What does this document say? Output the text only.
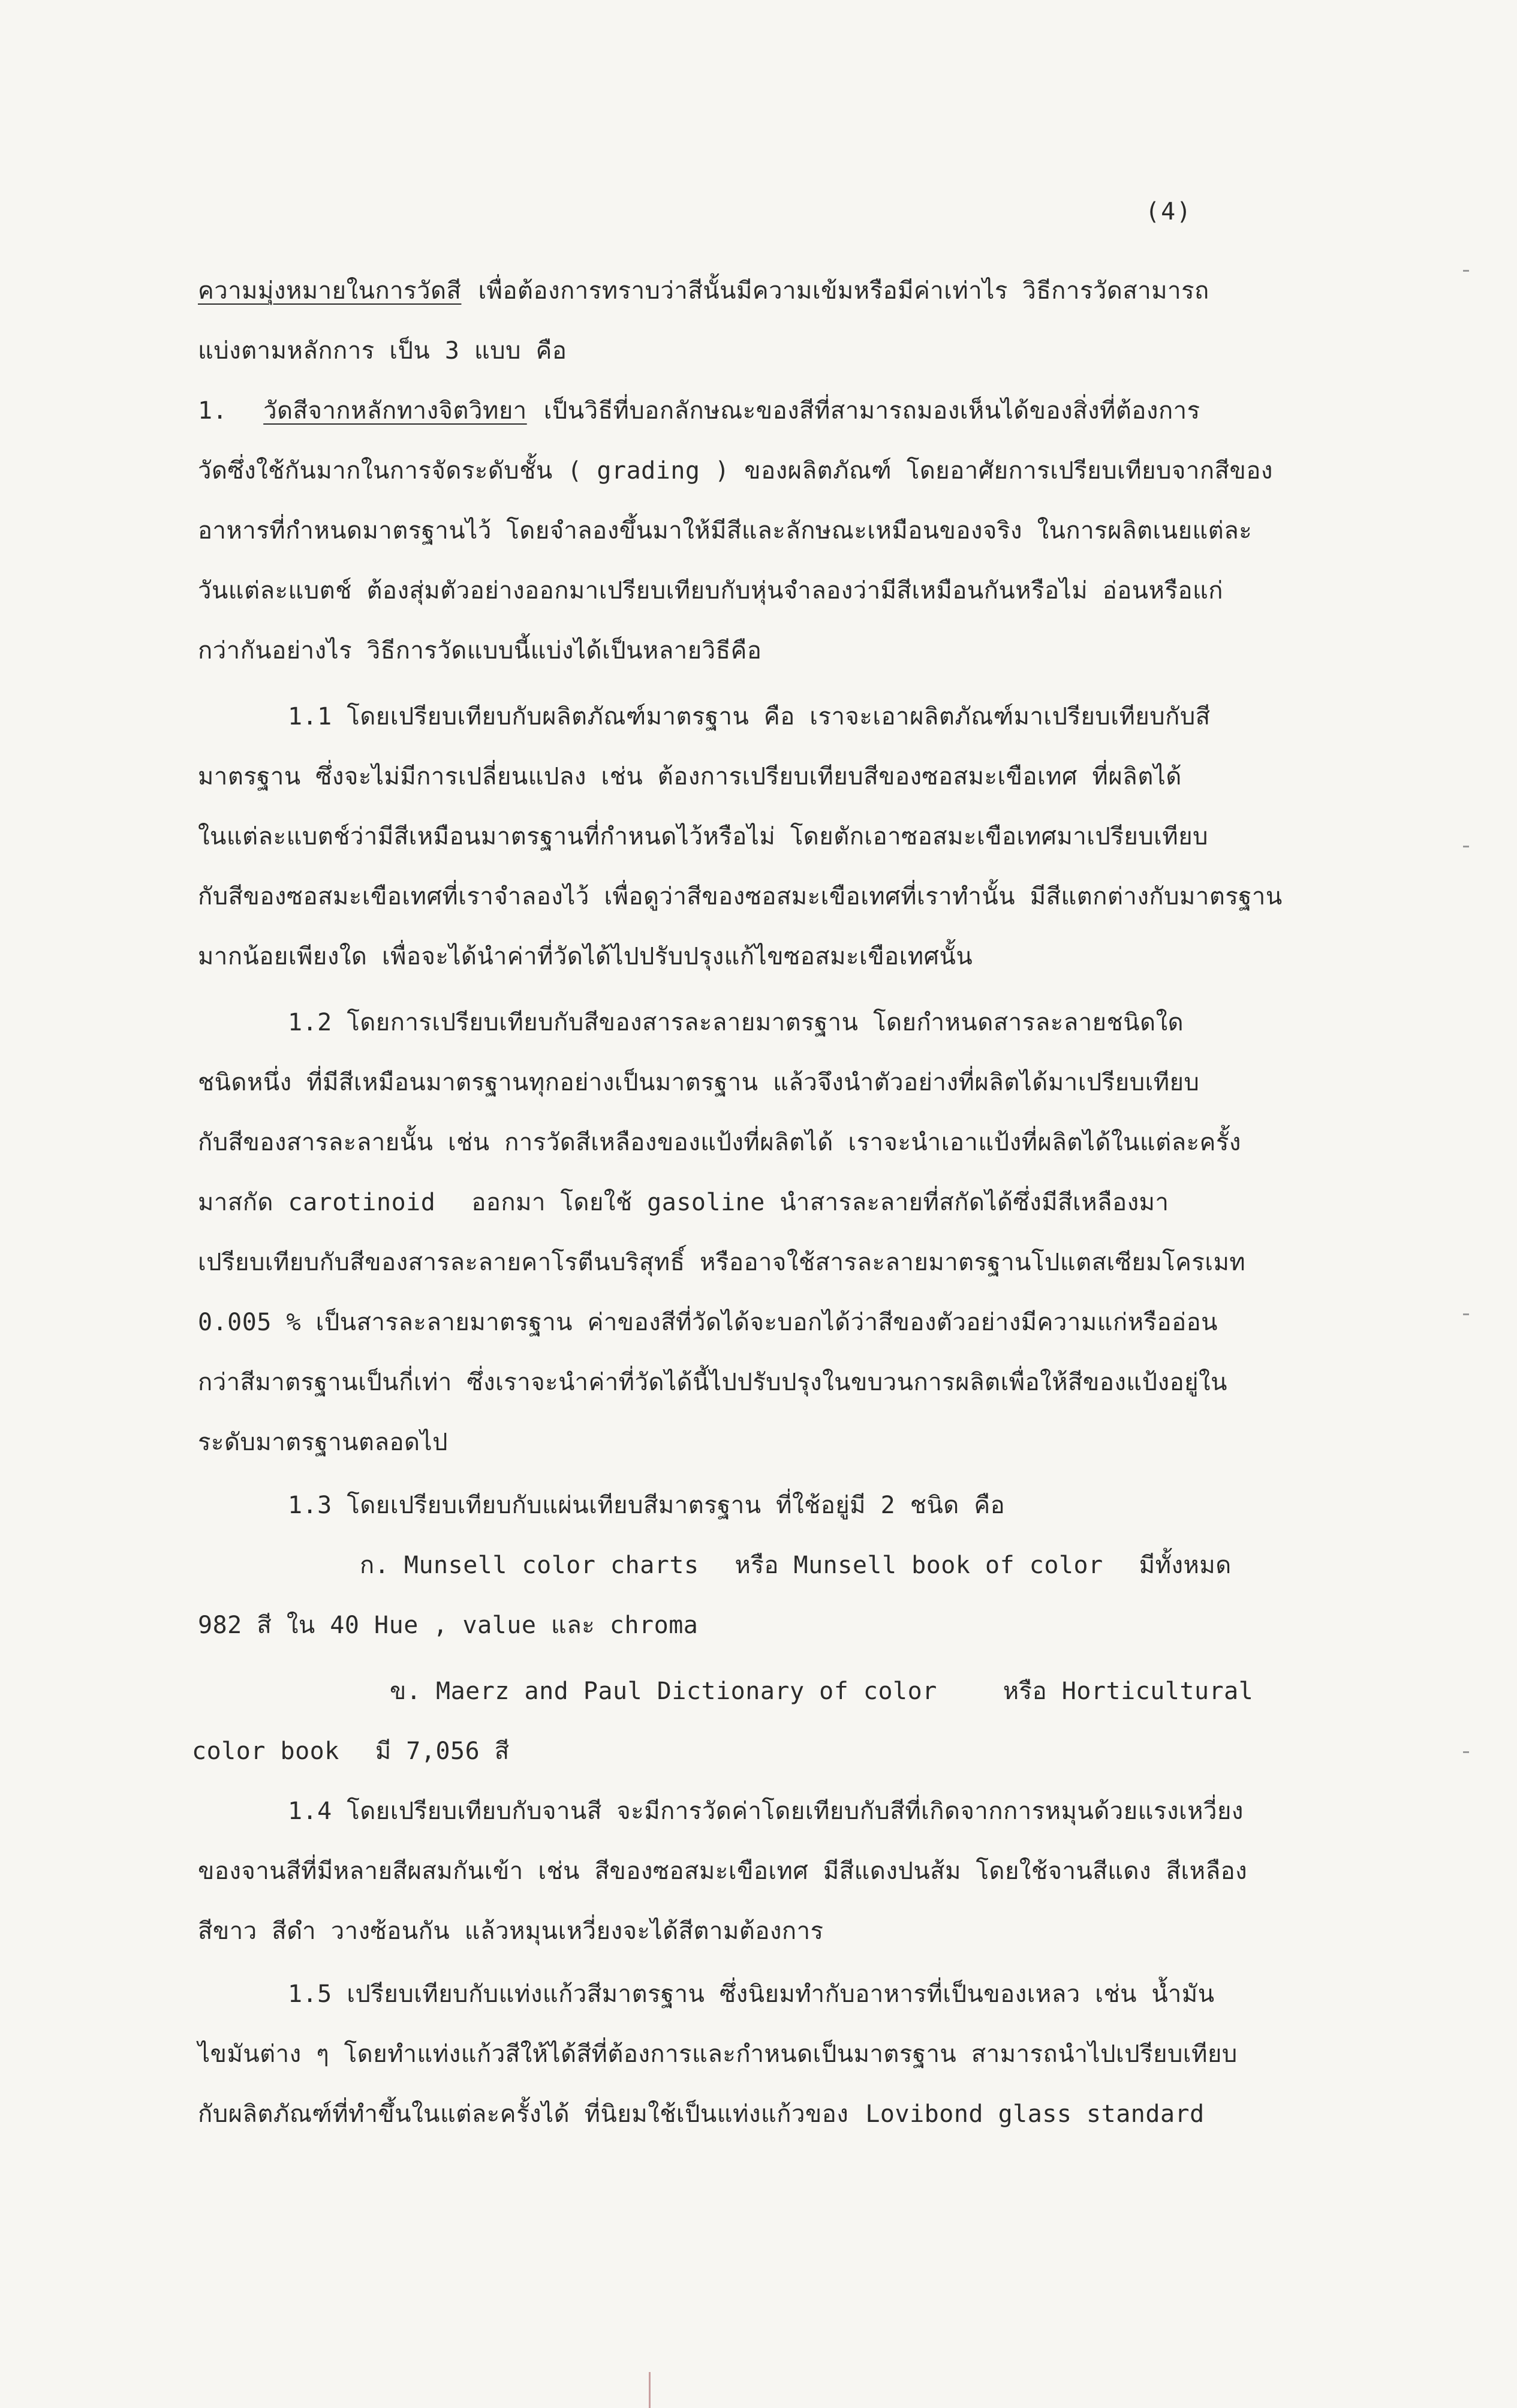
(4)
ความมุ่งหมายในการวัดสี เพื่อต้องการทราบว่าสีนั้นมีความเข้มหรือมีค่าเท่าไร วิธีการวัดสามารถ
แบ่งตามหลักการ เป็น 3 แบบ คือ
1. วัดสีจากหลักทางจิตวิทยา เป็นวิธีที่บอกลักษณะของสีที่สามารถมองเห็นได้ของสิ่งที่ต้องการ
วัดซึ่งใช้กันมากในการจัดระดับชั้น ( grading ) ของผลิตภัณฑ์ โดยอาศัยการเปรียบเทียบจากสีของ
อาหารที่กำหนดมาตรฐานไว้ โดยจำลองขึ้นมาให้มีสีและลักษณะเหมือนของจริง ในการผลิตเนยแต่ละ
วันแต่ละแบตช์ ต้องสุ่มตัวอย่างออกมาเปรียบเทียบกับหุ่นจำลองว่ามีสีเหมือนกันหรือไม่ อ่อนหรือแก่
กว่ากันอย่างไร วิธีการวัดแบบนี้แบ่งได้เป็นหลายวิธีคือ
1.1 โดยเปรียบเทียบกับผลิตภัณฑ์มาตรฐาน คือ เราจะเอาผลิตภัณฑ์มาเปรียบเทียบกับสี
มาตรฐาน ซึ่งจะไม่มีการเปลี่ยนแปลง เช่น ต้องการเปรียบเทียบสีของซอสมะเขือเทศ ที่ผลิตได้
ในแต่ละแบตช์ว่ามีสีเหมือนมาตรฐานที่กำหนดไว้หรือไม่ โดยตักเอาซอสมะเขือเทศมาเปรียบเทียบ
กับสีของซอสมะเขือเทศที่เราจำลองไว้ เพื่อดูว่าสีของซอสมะเขือเทศที่เราทำนั้น มีสีแตกต่างกับมาตรฐาน
มากน้อยเพียงใด เพื่อจะได้นำค่าที่วัดได้ไปปรับปรุงแก้ไขซอสมะเขือเทศนั้น
1.2 โดยการเปรียบเทียบกับสีของสารละลายมาตรฐาน โดยกำหนดสารละลายชนิดใด
ชนิดหนึ่ง ที่มีสีเหมือนมาตรฐานทุกอย่างเป็นมาตรฐาน แล้วจึงนำตัวอย่างที่ผลิตได้มาเปรียบเทียบ
กับสีของสารละลายนั้น เช่น การวัดสีเหลืองของแป้งที่ผลิตได้ เราจะนำเอาแป้งที่ผลิตได้ในแต่ละครั้ง
มาสกัด carotinoid ออกมา โดยใช้ gasoline นำสารละลายที่สกัดได้ซึ่งมีสีเหลืองมา
เปรียบเทียบกับสีของสารละลายคาโรตีนบริสุทธิ์ หรืออาจใช้สารละลายมาตรฐานโปแตสเซียมโครเมท
0.005 % เป็นสารละลายมาตรฐาน ค่าของสีที่วัดได้จะบอกได้ว่าสีของตัวอย่างมีความแก่หรืออ่อน
กว่าสีมาตรฐานเป็นกี่เท่า ซึ่งเราจะนำค่าที่วัดได้นี้ไปปรับปรุงในขบวนการผลิตเพื่อให้สีของแป้งอยู่ใน
ระดับมาตรฐานตลอดไป
1.3 โดยเปรียบเทียบกับแผ่นเทียบสีมาตรฐาน ที่ใช้อยู่มี 2 ชนิด คือ
ก. Munsell color charts หรือ Munsell book of color มีทั้งหมด
982 สี ใน 40 Hue , value และ chroma
ข. Maerz and Paul Dictionary of color	หรือ Horticultural
color book มี 7,056 สี
1.4 โดยเปรียบเทียบกับจานสี จะมีการวัดค่าโดยเทียบกับสีที่เกิดจากการหมุนด้วยแรงเหวี่ยง
ของจานสีที่มีหลายสีผสมกันเข้า เช่น สีของซอสมะเขือเทศ มีสีแดงปนส้ม โดยใช้จานสีแดง สีเหลือง
สีขาว สีดำ วางซ้อนกัน แล้วหมุนเหวี่ยงจะได้สีตามต้องการ
1.5 เปรียบเทียบกับแท่งแก้วสีมาตรฐาน ซึ่งนิยมทำกับอาหารที่เป็นของเหลว เช่น น้ำมัน
ไขมันต่าง ๆ โดยทำแท่งแก้วสีให้ได้สีที่ต้องการและกำหนดเป็นมาตรฐาน สามารถนำไปเปรียบเทียบ
กับผลิตภัณฑ์ที่ทำขึ้นในแต่ละครั้งได้ ที่นิยมใช้เป็นแท่งแก้วของ Lovibond glass standard
